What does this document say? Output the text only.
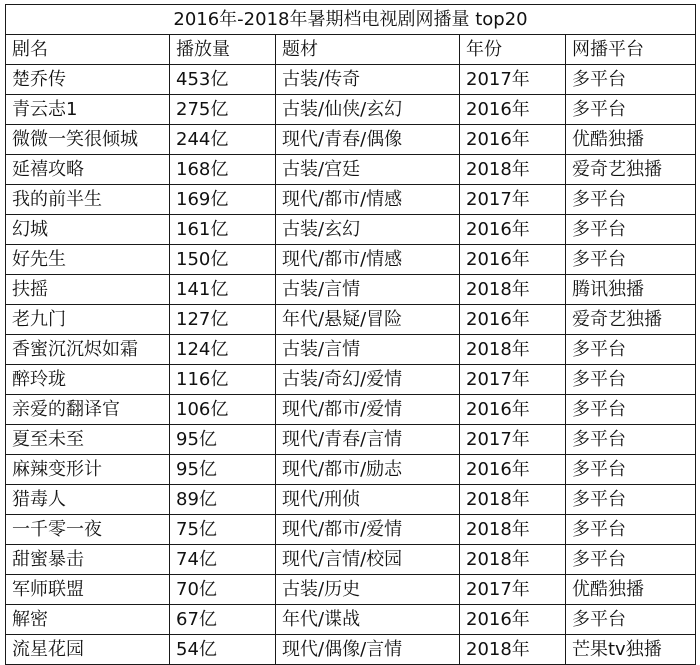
2016年-2018年暑期档电视剧网播量 top20				
剧名	播放量	题材	年份	网播平台
楚乔传	453亿	古装/传奇	2017年	多平台
青云志1	275亿	古装/仙侠/玄幻	2016年	多平台
微微一笑很倾城	244亿	现代/青春/偶像	2016年	优酷独播
延禧攻略	168亿	古装/宫廷	2018年	爱奇艺独播
我的前半生	169亿	现代/都市/情感	2017年	多平台
幻城	161亿	古装/玄幻	2016年	多平台
好先生	150亿	现代/都市/情感	2016年	多平台
扶摇	141亿	古装/言情	2018年	腾讯独播
老九门	127亿	年代/悬疑/冒险	2016年	爱奇艺独播
香蜜沉沉烬如霜	124亿	古装/言情	2018年	多平台
醉玲珑	116亿	古装/奇幻/爱情	2017年	多平台
亲爱的翻译官	106亿	现代/都市/爱情	2016年	多平台
夏至未至	95亿	现代/青春/言情	2017年	多平台
麻辣变形计	95亿	现代/都市/励志	2016年	多平台
猎毒人	89亿	现代/刑侦	2018年	多平台
一千零一夜	75亿	现代/都市/爱情	2018年	多平台
甜蜜暴击	74亿	现代/言情/校园	2018年	多平台
军师联盟	70亿	古装/历史	2017年	优酷独播
解密	67亿	年代/谍战	2016年	多平台
流星花园	54亿	现代/偶像/言情	2018年	芒果tv独播
